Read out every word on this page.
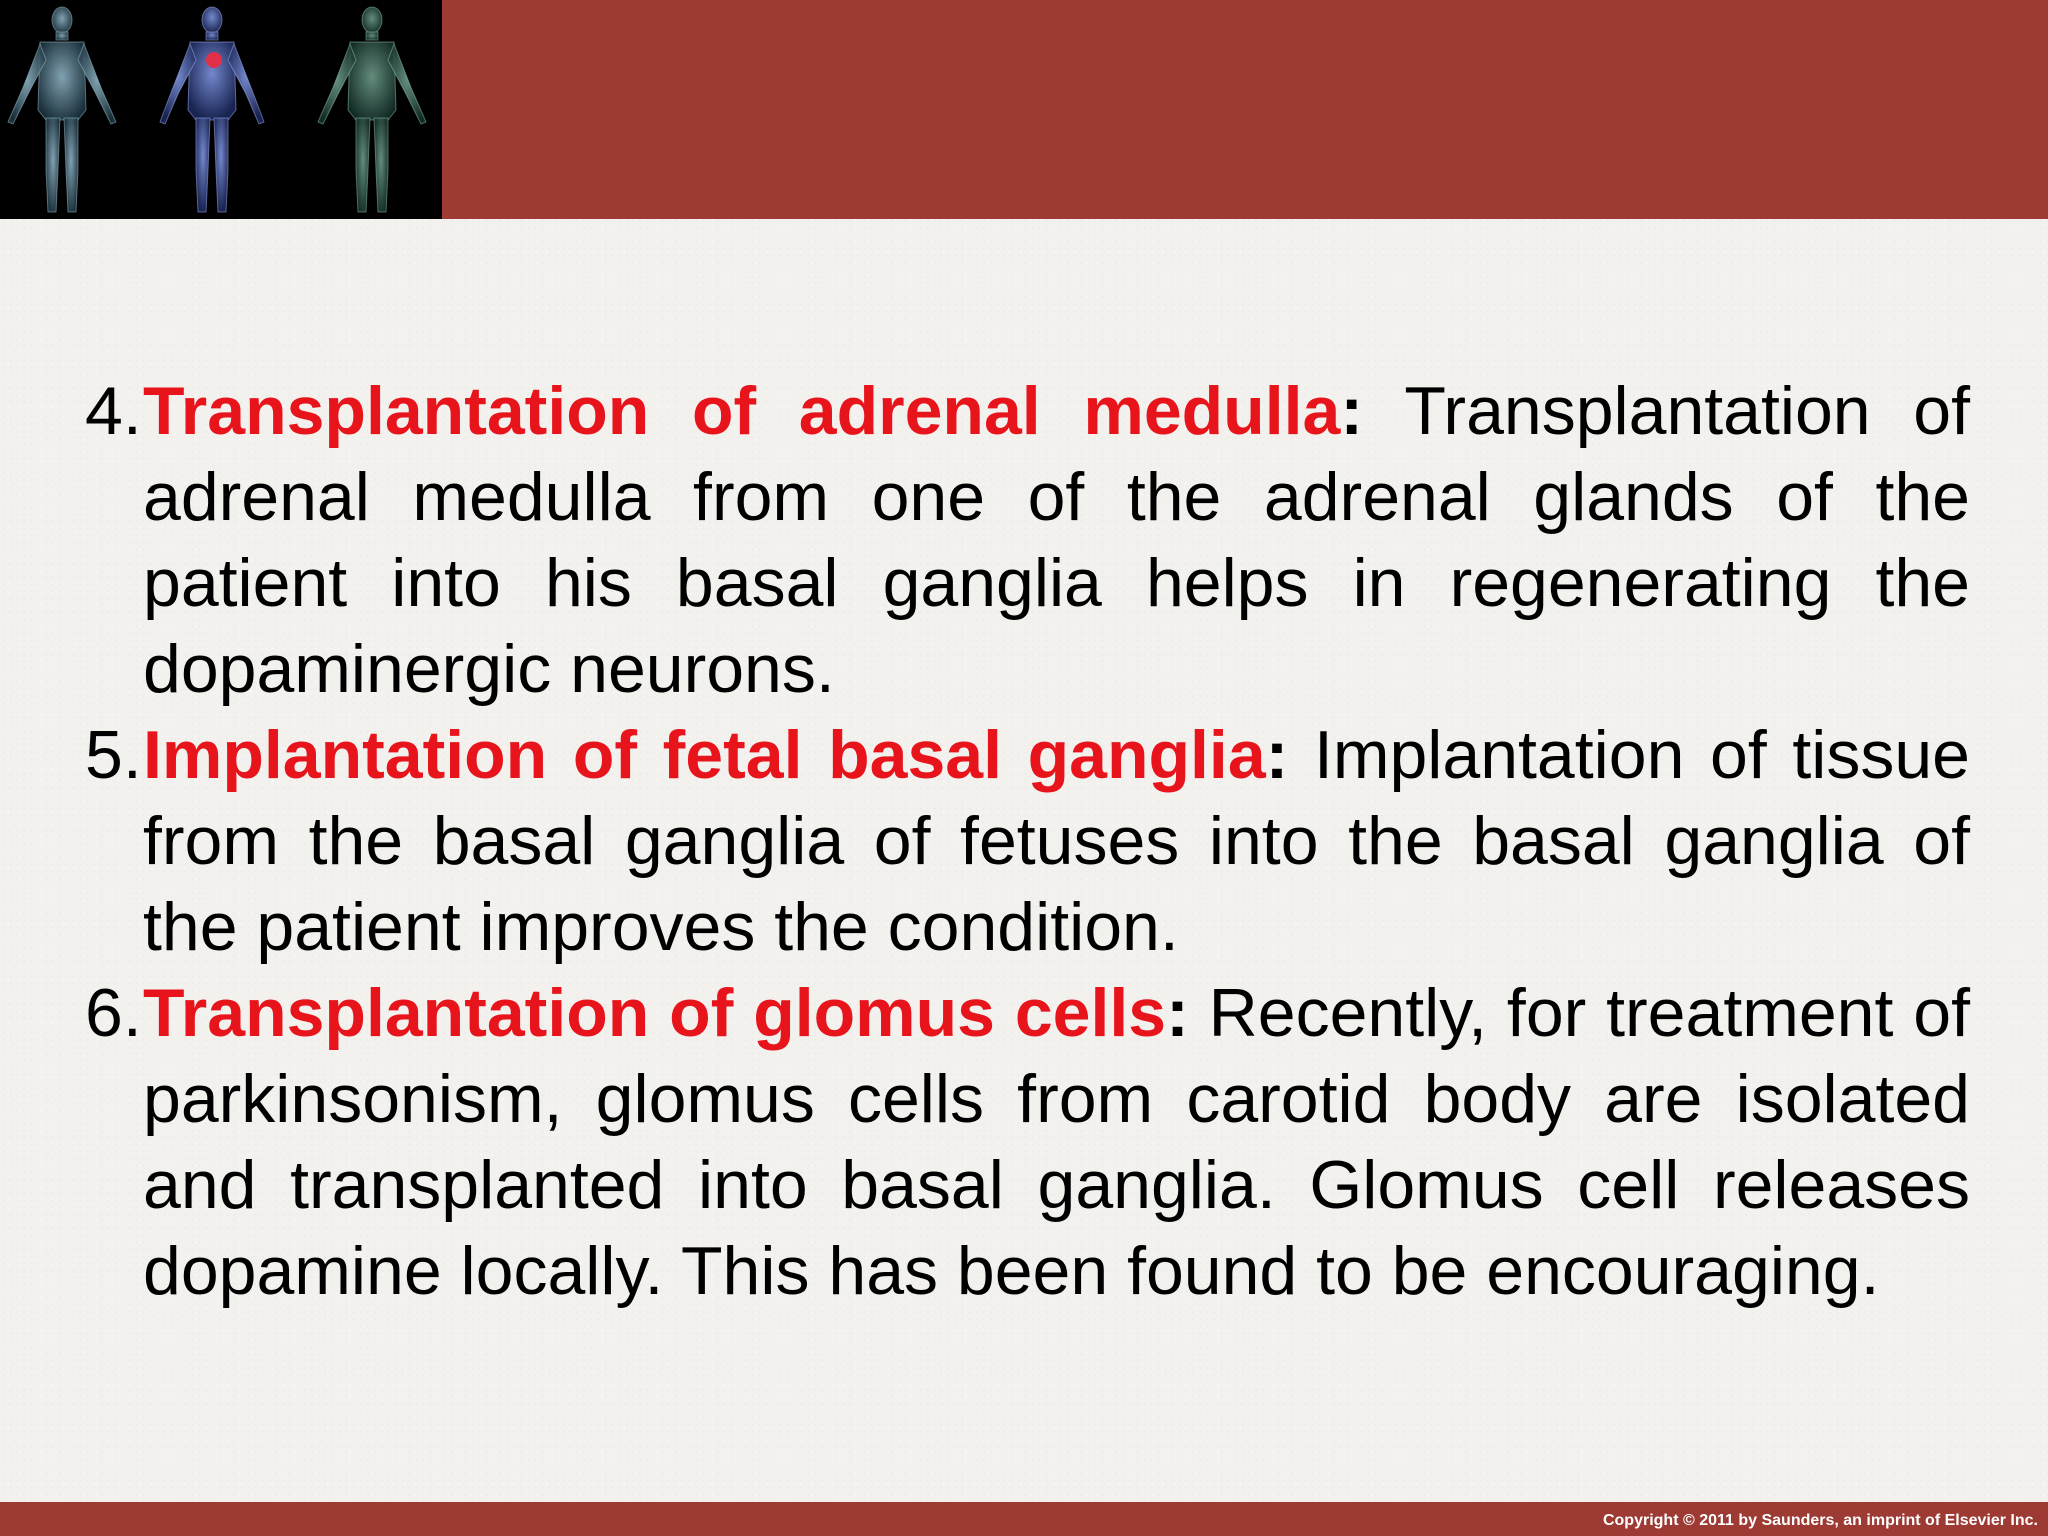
4. Transplantation of adrenal medulla: Transplantation of adrenal medulla from one of the adrenal glands of the patient into his basal ganglia helps in regenerating the dopaminergic neurons.
5. Implantation of fetal basal ganglia: Implantation of tissue from the basal ganglia of fetuses into the basal ganglia of the patient improves the condition.
6. Transplantation of glomus cells: Recently, for treatment of parkinsonism, glomus cells from carotid body are isolated and transplanted into basal ganglia. Glomus cell releases dopamine locally. This has been found to be encouraging.
Copyright © 2011 by Saunders, an imprint of Elsevier Inc.
